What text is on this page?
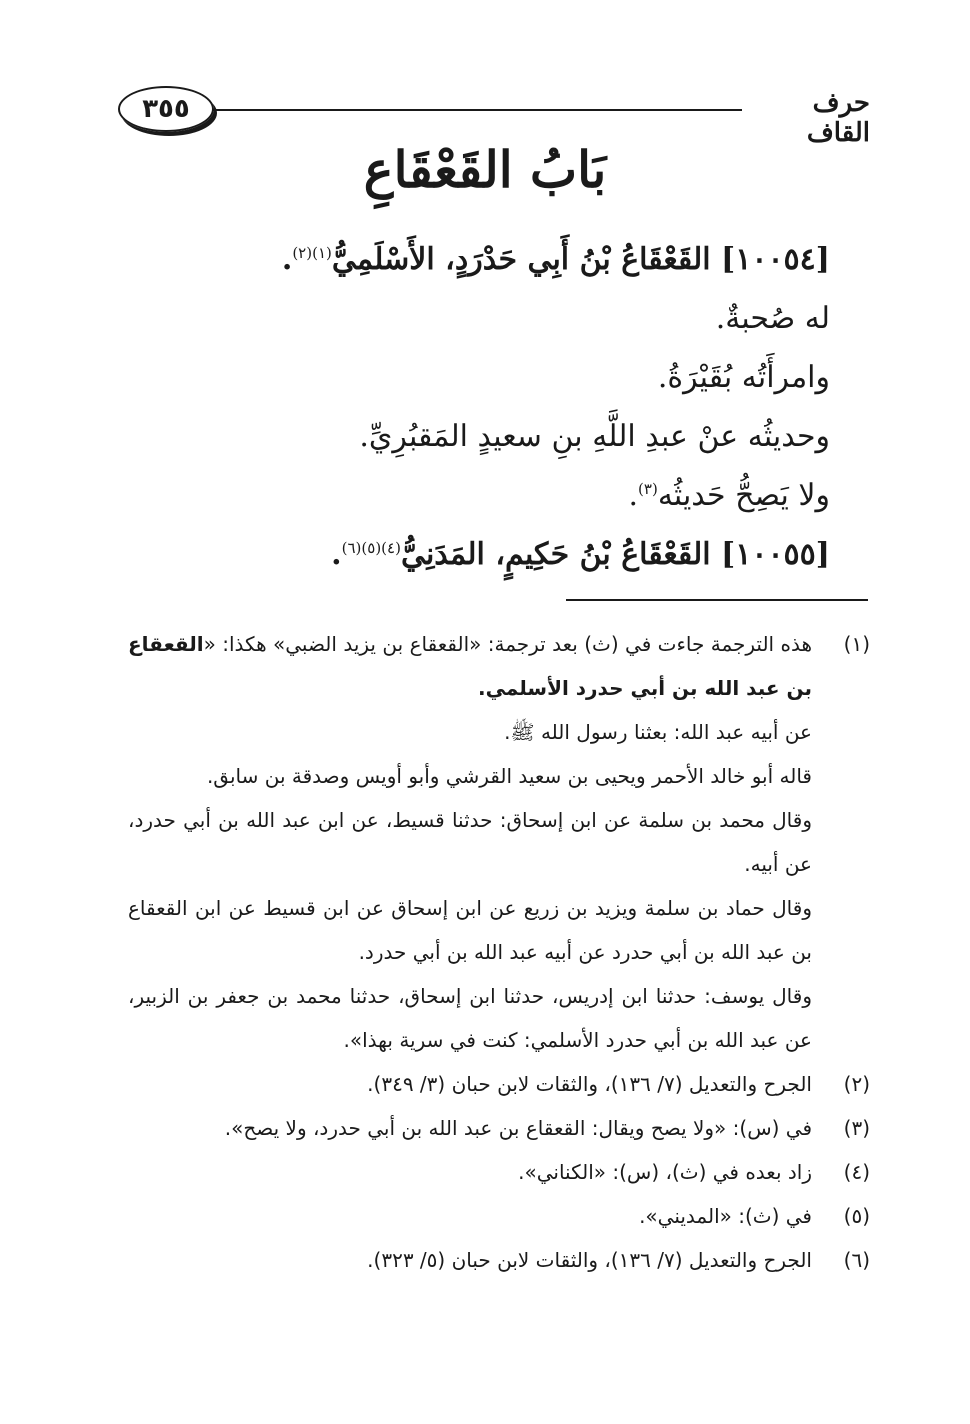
٣٥٥	حرف القاف
بَابُ القَعْقَاعِ
[١٠٠٥٤] القَعْقَاعُ بْنُ أَبِي حَدْرَدٍ، الأَسْلَمِيُّ$^{(١)(٢)}$.
له صُحبةٌ.
وامرأَتُه بُقَيْرَةُ.
وحديثُه عنْ عبدِ اللَّهِ بنِ سعيدٍ المَقبُرِيِّ.
ولا يَصِحُّ حَديثُه$^{(٣)}$.
[١٠٠٥٥] القَعْقَاعُ بْنُ حَكِيمٍ، المَدَنِيُّ$^{(٤)(٥)(٦)}$.
(١)

هذه الترجمة جاءت في (ث) بعد ترجمة: «القعقاع بن يزيد الضبي» هكذا: «القعقاع بن عبد الله بن أبي حدرد الأسلمي.

عن أبيه عبد الله: بعثنا رسول الله ﷺ.

قاله أبو خالد الأحمر ويحيى بن سعيد القرشي وأبو أويس وصدقة بن سابق.

وقال محمد بن سلمة عن ابن إسحاق: حدثنا قسيط، عن ابن عبد الله بن أبي حدرد، عن أبيه.

وقال حماد بن سلمة ويزيد بن زريع عن ابن إسحاق عن ابن قسيط عن ابن القعقاع بن عبد الله بن أبي حدرد عن أبيه عبد الله بن أبي حدرد.

وقال يوسف: حدثنا ابن إدريس، حدثنا ابن إسحاق، حدثنا محمد بن جعفر بن الزبير، عن عبد الله بن أبي حدرد الأسلمي: كنت في سرية بهذا».

(٢)
الجرح والتعديل (٧/ ١٣٦)، والثقات لابن حبان (٣/ ٣٤٩).
(٣)
في (س): «ولا يصح ويقال: القعقاع بن عبد الله بن أبي حدرد، ولا يصح».
(٤)
زاد بعده في (ث)، (س): «الكناني».
(٥)
في (ث): «المديني».
(٦)
الجرح والتعديل (٧/ ١٣٦)، والثقات لابن حبان (٥/ ٣٢٣).
